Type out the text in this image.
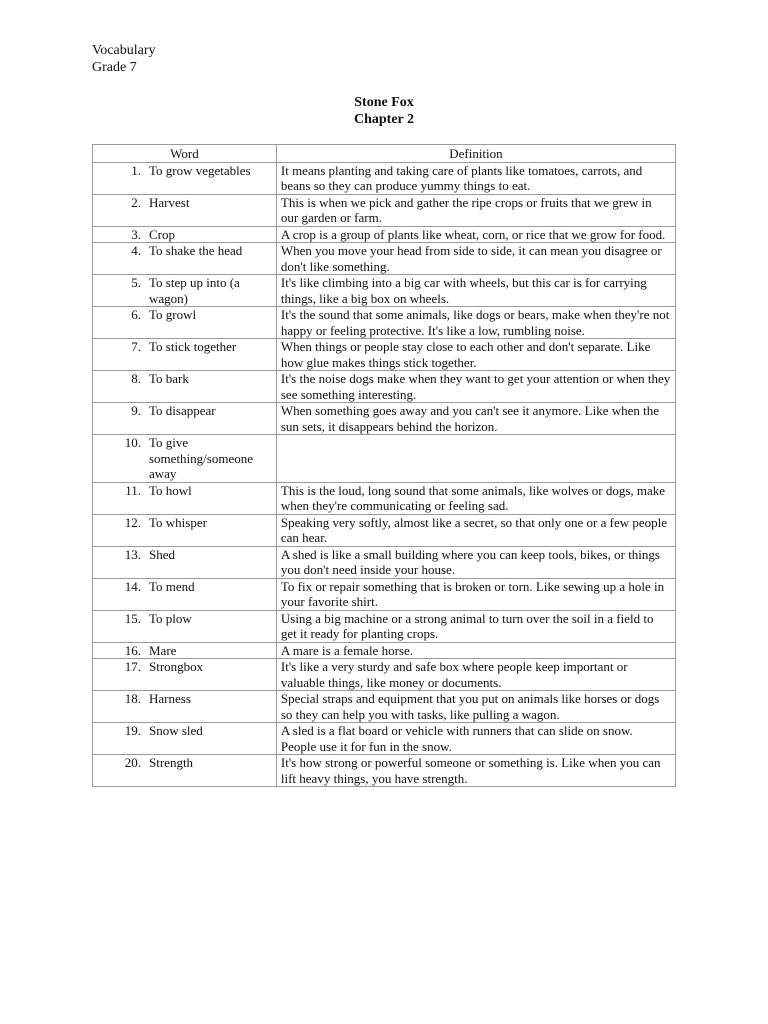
Vocabulary
Grade 7
Stone Fox
Chapter 2
Word	Definition

1. To grow vegetables	It means planting and taking care of plants like tomatoes, carrots, and beans so they can produce yummy things to eat.

2. Harvest	This is when we pick and gather the ripe crops or fruits that we grew in our garden or farm.

3. Crop	A crop is a group of plants like wheat, corn, or rice that we grow for food.

4. To shake the head	When you move your head from side to side, it can mean you disagree or don't like something.

5. To step up into (a wagon)	It's like climbing into a big car with wheels, but this car is for carrying things, like a big box on wheels.

6. To growl	It's the sound that some animals, like dogs or bears, make when they're not happy or feeling protective. It's like a low, rumbling noise.

7. To stick together	When things or people stay close to each other and don't separate. Like how glue makes things stick together.

8. To bark	It's the noise dogs make when they want to get your attention or when they see something interesting.

9. To disappear	When something goes away and you can't see it anymore. Like when the sun sets, it disappears behind the horizon.

10. To give something/someone away	

11. To howl	This is the loud, long sound that some animals, like wolves or dogs, make when they're communicating or feeling sad.

12. To whisper	Speaking very softly, almost like a secret, so that only one or a few people can hear.

13. Shed	A shed is like a small building where you can keep tools, bikes, or things you don't need inside your house.

14. To mend	To fix or repair something that is broken or torn. Like sewing up a hole in your favorite shirt.

15. To plow	Using a big machine or a strong animal to turn over the soil in a field to get it ready for planting crops.

16. Mare	A mare is a female horse.

17. Strongbox	It's like a very sturdy and safe box where people keep important or valuable things, like money or documents.

18. Harness	Special straps and equipment that you put on animals like horses or dogs so they can help you with tasks, like pulling a wagon.

19. Snow sled	A sled is a flat board or vehicle with runners that can slide on snow. People use it for fun in the snow.

20. Strength	It's how strong or powerful someone or something is. Like when you can lift heavy things, you have strength.
